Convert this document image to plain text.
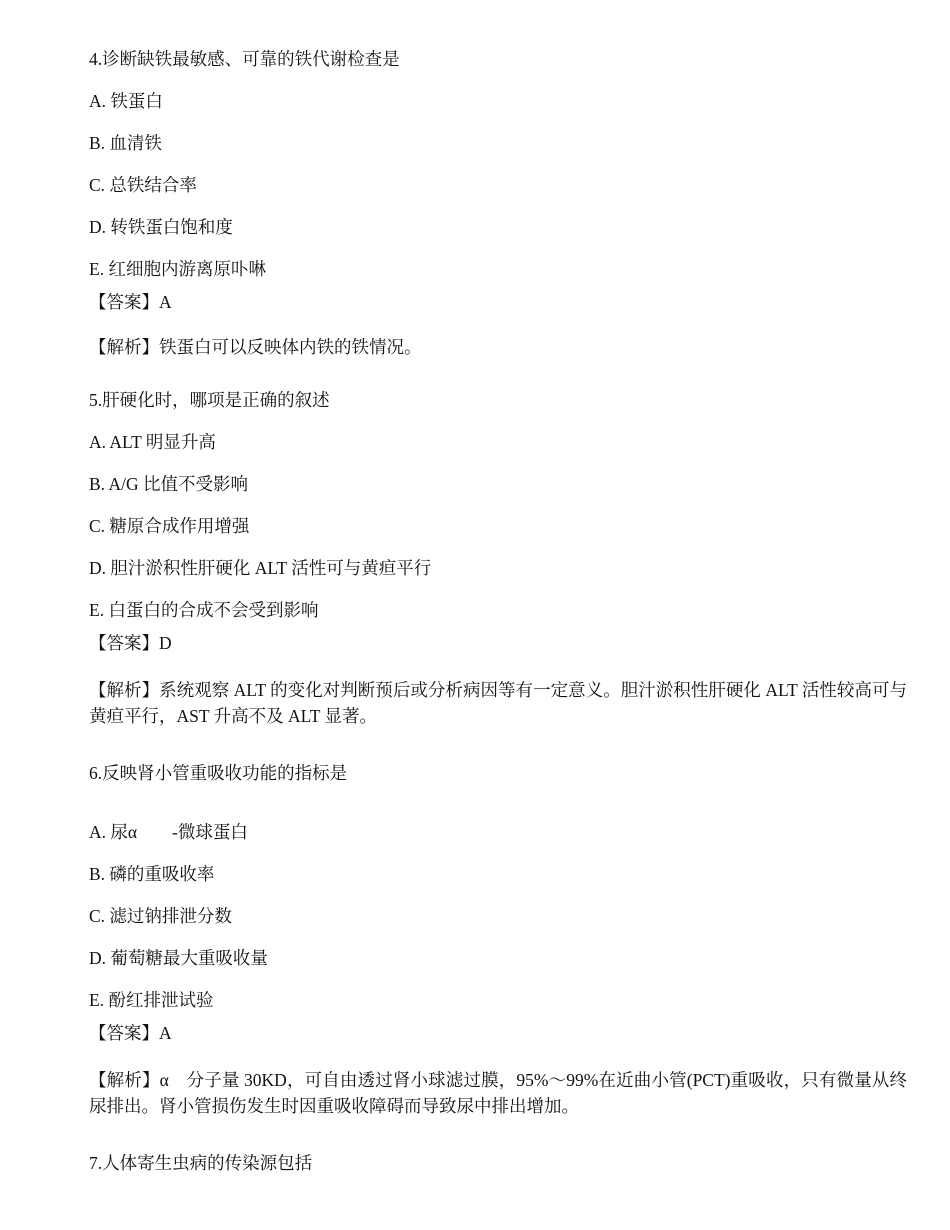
4.诊断缺铁最敏感、可靠的铁代谢检查是
A. 铁蛋白
B. 血清铁
C. 总铁结合率
D. 转铁蛋白饱和度
E. 红细胞内游离原卟啉
【答案】A
【解析】铁蛋白可以反映体内铁的铁情况。
5.肝硬化时，哪项是正确的叙述
A. ALT 明显升高
B. A/G 比值不受影响
C. 糖原合成作用增强
D. 胆汁淤积性肝硬化 ALT 活性可与黄疸平行
E. 白蛋白的合成不会受到影响
【答案】D
【解析】系统观察 ALT 的变化对判断预后或分析病因等有一定意义。胆汁淤积性肝硬化 ALT 活性较高可与黄疸平行，AST 升高不及 ALT 显著。
6.反映肾小管重吸收功能的指标是
A. 尿α　　-微球蛋白
B. 磷的重吸收率
C. 滤过钠排泄分数
D. 葡萄糖最大重吸收量
E. 酚红排泄试验
【答案】A
【解析】α　分子量 30KD，可自由透过肾小球滤过膜，95%～99%在近曲小管(PCT)重吸收，只有微量从终尿排出。肾小管损伤发生时因重吸收障碍而导致尿中排出增加。
7.人体寄生虫病的传染源包括
